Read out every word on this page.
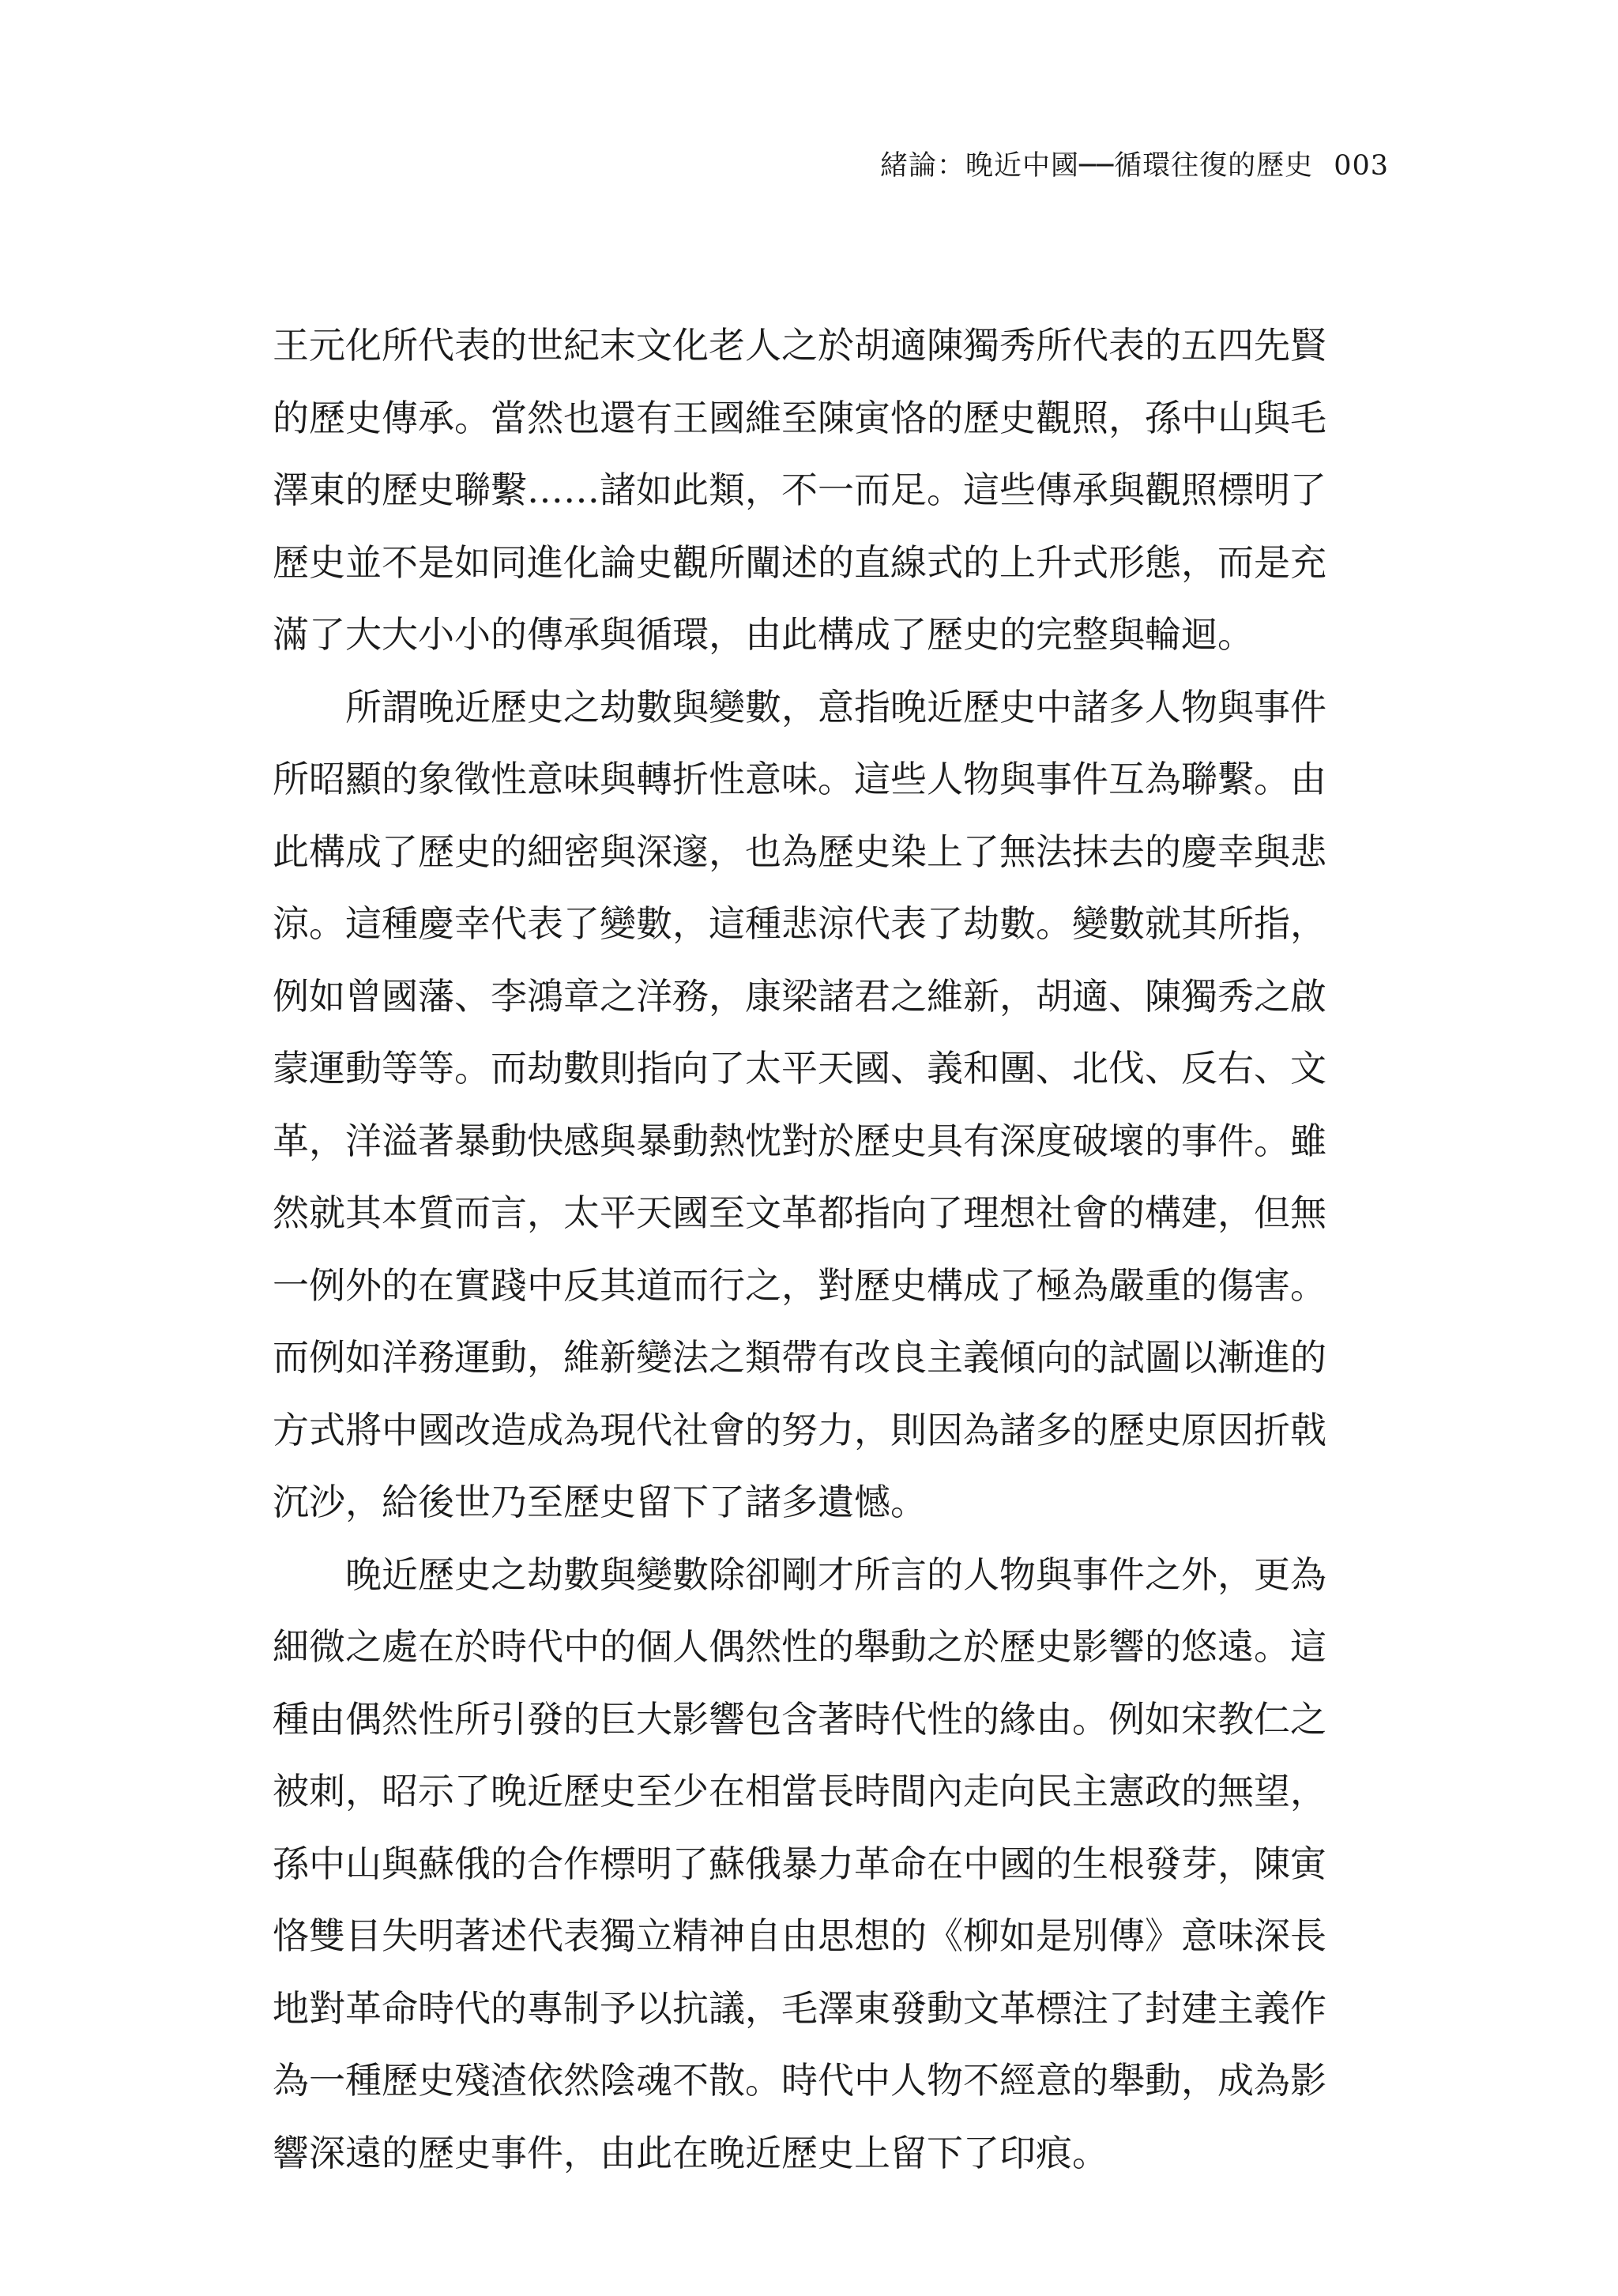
緒論：晚近中國──循環往復的歷史 003

王元化所代表的世紀末文化老人之於胡適陳獨秀所代表的五四先賢
的歷史傳承。當然也還有王國維至陳寅恪的歷史觀照，孫中山與毛
澤東的歷史聯繫……諸如此類，不一而足。這些傳承與觀照標明了
歷史並不是如同進化論史觀所闡述的直線式的上升式形態，而是充
滿了大大小小的傳承與循環，由此構成了歷史的完整與輪迴。

所謂晚近歷史之劫數與變數，意指晚近歷史中諸多人物與事件
所昭顯的象徵性意味與轉折性意味。這些人物與事件互為聯繫。由
此構成了歷史的細密與深邃，也為歷史染上了無法抹去的慶幸與悲
涼。這種慶幸代表了變數，這種悲涼代表了劫數。變數就其所指，
例如曾國藩、李鴻章之洋務，康梁諸君之維新，胡適、陳獨秀之啟
蒙運動等等。而劫數則指向了太平天國、義和團、北伐、反右、文
革，洋溢著暴動快感與暴動熱忱對於歷史具有深度破壞的事件。雖
然就其本質而言，太平天國至文革都指向了理想社會的構建，但無
一例外的在實踐中反其道而行之，對歷史構成了極為嚴重的傷害。
而例如洋務運動，維新變法之類帶有改良主義傾向的試圖以漸進的
方式將中國改造成為現代社會的努力，則因為諸多的歷史原因折戟
沉沙，給後世乃至歷史留下了諸多遺憾。

晚近歷史之劫數與變數除卻剛才所言的人物與事件之外，更為
細微之處在於時代中的個人偶然性的舉動之於歷史影響的悠遠。這
種由偶然性所引發的巨大影響包含著時代性的緣由。例如宋教仁之
被刺，昭示了晚近歷史至少在相當長時間內走向民主憲政的無望，
孫中山與蘇俄的合作標明了蘇俄暴力革命在中國的生根發芽，陳寅
恪雙目失明著述代表獨立精神自由思想的《柳如是別傳》意味深長
地對革命時代的專制予以抗議，毛澤東發動文革標注了封建主義作
為一種歷史殘渣依然陰魂不散。時代中人物不經意的舉動，成為影
響深遠的歷史事件，由此在晚近歷史上留下了印痕。
